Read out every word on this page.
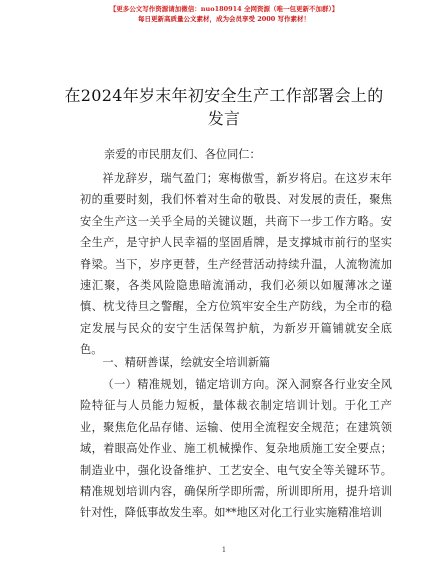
【更多公文写作资源请加微信：nuo180914 全网资源（唯一包更新不加群）】
每日更新高质量公文素材，成为会员享受 2000 写作素材！
在2024年岁末年初安全生产工作部署会上的发言
亲爱的市民朋友们、各位同仁：

祥龙辞岁，瑞气盈门；寒梅傲雪，新岁将启。在这岁末年初的重要时刻，我们怀着对生命的敬畏、对发展的责任，聚焦安全生产这一关乎全局的关键议题，共商下一步工作方略。安全生产，是守护人民幸福的坚固盾牌，是支撑城市前行的坚实脊梁。当下，岁序更替，生产经营活动持续升温，人流物流加速汇聚，各类风险隐患暗流涌动，我们必须以如履薄冰之谨慎、枕戈待旦之警醒，全方位筑牢安全生产防线，为全市的稳定发展与民众的安宁生活保驾护航，为新岁开篇铺就安全底色。

一、精研善谋，绘就安全培训新篇

（一）精准规划，锚定培训方向。深入洞察各行业安全风险特征与人员能力短板，量体裁衣制定培训计划。于化工产业，聚焦危化品存储、运输、使用全流程安全规范；在建筑领域，着眼高处作业、施工机械操作、复杂地质施工安全要点；制造业中，强化设备维护、工艺安全、电气安全等关键环节。精准规划培训内容，确保所学即所需，所训即所用，提升培训针对性，降低事故发生率。如**地区对化工行业实施精准培训

1
